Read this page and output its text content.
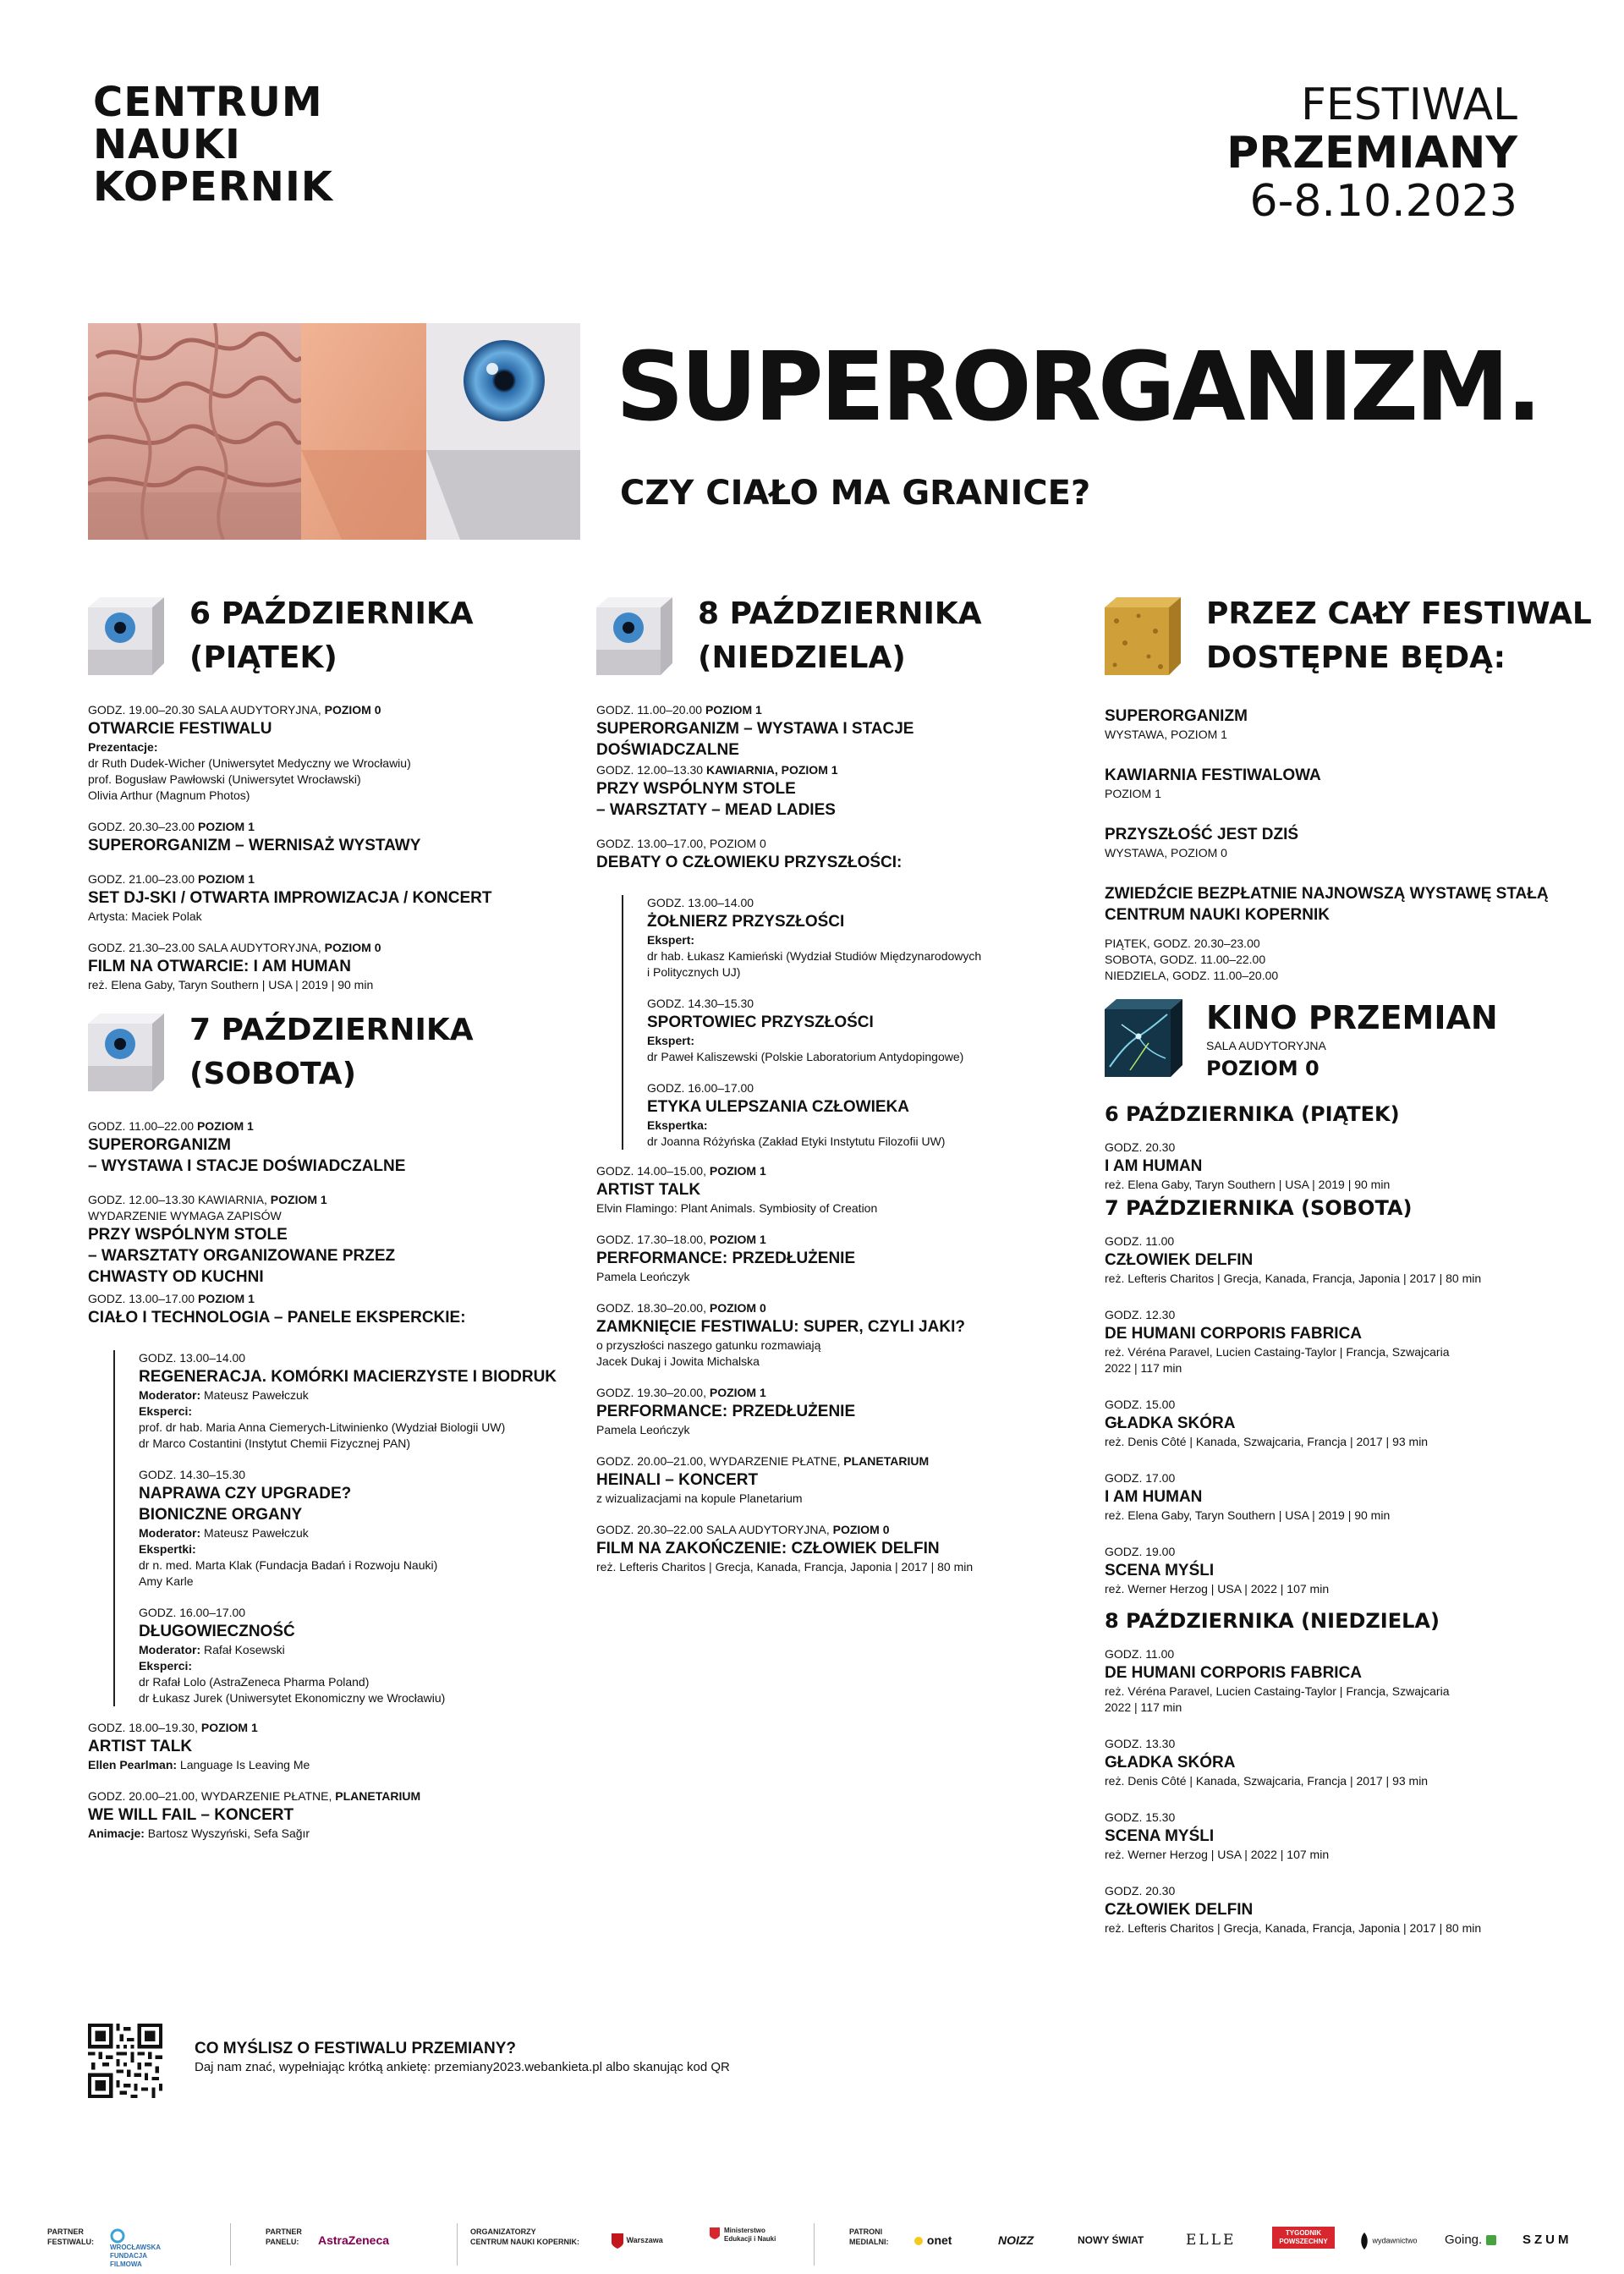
CENTRUM
NAUKI
KOPERNIK
FESTIWAL
PRZEMIANY
6-8.10.2023
SUPERORGANIZM.
CZY CIAŁO MA GRANICE?
6 PAŹDZIERNIKA
(PIĄTEK)
GODZ. 19.00–20.30 SALA AUDYTORYJNA, POZIOM 0
OTWARCIE FESTIWALU
Prezentacje:
dr Ruth Dudek-Wicher (Uniwersytet Medyczny we Wrocławiu)
prof. Bogusław Pawłowski (Uniwersytet Wrocławski)
Olivia Arthur (Magnum Photos)
GODZ. 20.30–23.00 POZIOM 1
SUPERORGANIZM – WERNISAŻ WYSTAWY
GODZ. 21.00–23.00 POZIOM 1
SET DJ-SKI / OTWARTA IMPROWIZACJA / KONCERT
Artysta: Maciek Polak
GODZ. 21.30–23.00 SALA AUDYTORYJNA, POZIOM 0
FILM NA OTWARCIE: I AM HUMAN
reż. Elena Gaby, Taryn Southern | USA | 2019 | 90 min
7 PAŹDZIERNIKA
(SOBOTA)
GODZ. 11.00–22.00 POZIOM 1
SUPERORGANIZM
– WYSTAWA I STACJE DOŚWIADCZALNE
GODZ. 12.00–13.30 KAWIARNIA, POZIOM 1
WYDARZENIE WYMAGA ZAPISÓW
PRZY WSPÓLNYM STOLE
– WARSZTATY ORGANIZOWANE PRZEZ
CHWASTY OD KUCHNI
GODZ. 13.00–17.00 POZIOM 1
CIAŁO I TECHNOLOGIA – PANELE EKSPERCKIE:
GODZ. 13.00–14.00
REGENERACJA. KOMÓRKI MACIERZYSTE I BIODRUK
Moderator: Mateusz Pawełczuk
Eksperci:
prof. dr hab. Maria Anna Ciemerych-Litwinienko (Wydział Biologii UW)
dr Marco Costantini (Instytut Chemii Fizycznej PAN)
GODZ. 14.30–15.30
NAPRAWA CZY UPGRADE?
BIONICZNE ORGANY
Moderator: Mateusz Pawełczuk
Ekspertki:
dr n. med. Marta Klak (Fundacja Badań i Rozwoju Nauki)
Amy Karle
GODZ. 16.00–17.00
DŁUGOWIECZNOŚĆ
Moderator: Rafał Kosewski
Eksperci:
dr Rafał Lolo (AstraZeneca Pharma Poland)
dr Łukasz Jurek (Uniwersytet Ekonomiczny we Wrocławiu)
GODZ. 18.00–19.30, POZIOM 1
ARTIST TALK
Ellen Pearlman: Language Is Leaving Me
GODZ. 20.00–21.00, WYDARZENIE PŁATNE, PLANETARIUM
WE WILL FAIL – KONCERT
Animacje: Bartosz Wyszyński, Sefa Sağır
8 PAŹDZIERNIKA
(NIEDZIELA)
GODZ. 11.00–20.00 POZIOM 1
SUPERORGANIZM – WYSTAWA I STACJE
DOŚWIADCZALNE
GODZ. 12.00–13.30 KAWIARNIA, POZIOM 1
PRZY WSPÓLNYM STOLE
– WARSZTATY – MEAD LADIES
GODZ. 13.00–17.00, POZIOM 0
DEBATY O CZŁOWIEKU PRZYSZŁOŚCI:
GODZ. 13.00–14.00
ŻOŁNIERZ PRZYSZŁOŚCI
Ekspert:
dr hab. Łukasz Kamieński (Wydział Studiów Międzynarodowych
i Politycznych UJ)
GODZ. 14.30–15.30
SPORTOWIEC PRZYSZŁOŚCI
Ekspert:
dr Paweł Kaliszewski (Polskie Laboratorium Antydopingowe)
GODZ. 16.00–17.00
ETYKA ULEPSZANIA CZŁOWIEKA
Ekspertka:
dr Joanna Różyńska (Zakład Etyki Instytutu Filozofii UW)
GODZ. 14.00–15.00, POZIOM 1
ARTIST TALK
Elvin Flamingo: Plant Animals. Symbiosity of Creation
GODZ. 17.30–18.00, POZIOM 1
PERFORMANCE: PRZEDŁUŻENIE
Pamela Leończyk
GODZ. 18.30–20.00, POZIOM 0
ZAMKNIĘCIE FESTIWALU: SUPER, CZYLI JAKI?
o przyszłości naszego gatunku rozmawiają
Jacek Dukaj i Jowita Michalska
GODZ. 19.30–20.00, POZIOM 1
PERFORMANCE: PRZEDŁUŻENIE
Pamela Leończyk
GODZ. 20.00–21.00, WYDARZENIE PŁATNE, PLANETARIUM
HEINALI – KONCERT
z wizualizacjami na kopule Planetarium
GODZ. 20.30–22.00 SALA AUDYTORYJNA, POZIOM 0
FILM NA ZAKOŃCZENIE: CZŁOWIEK DELFIN
reż. Lefteris Charitos | Grecja, Kanada, Francja, Japonia | 2017 | 80 min
PRZEZ CAŁY FESTIWAL
DOSTĘPNE BĘDĄ:
SUPERORGANIZM
WYSTAWA, POZIOM 1
KAWIARNIA FESTIWALOWA
POZIOM 1
PRZYSZŁOŚĆ JEST DZIŚ
WYSTAWA, POZIOM 0
ZWIEDŹCIE BEZPŁATNIE NAJNOWSZĄ WYSTAWĘ STAŁĄ
CENTRUM NAUKI KOPERNIK
PIĄTEK, GODZ. 20.30–23.00
SOBOTA, GODZ. 11.00–22.00
NIEDZIELA, GODZ. 11.00–20.00
KINO PRZEMIAN
SALA AUDYTORYJNA
POZIOM 0
6 PAŹDZIERNIKA (PIĄTEK)
GODZ. 20.30
I AM HUMAN
reż. Elena Gaby, Taryn Southern | USA | 2019 | 90 min
7 PAŹDZIERNIKA (SOBOTA)
GODZ. 11.00
CZŁOWIEK DELFIN
reż. Lefteris Charitos | Grecja, Kanada, Francja, Japonia | 2017 | 80 min
GODZ. 12.30
DE HUMANI CORPORIS FABRICA
reż. Véréna Paravel, Lucien Castaing-Taylor | Francja, Szwajcaria
2022 | 117 min
GODZ. 15.00
GŁADKA SKÓRA
reż. Denis Côté | Kanada, Szwajcaria, Francja | 2017 | 93 min
GODZ. 17.00
I AM HUMAN
reż. Elena Gaby, Taryn Southern | USA | 2019 | 90 min
GODZ. 19.00
SCENA MYŚLI
reż. Werner Herzog | USA | 2022 | 107 min
8 PAŹDZIERNIKA (NIEDZIELA)
GODZ. 11.00
DE HUMANI CORPORIS FABRICA
reż. Véréna Paravel, Lucien Castaing-Taylor | Francja, Szwajcaria
2022 | 117 min
GODZ. 13.30
GŁADKA SKÓRA
reż. Denis Côté | Kanada, Szwajcaria, Francja | 2017 | 93 min
GODZ. 15.30
SCENA MYŚLI
reż. Werner Herzog | USA | 2022 | 107 min
GODZ. 20.30
CZŁOWIEK DELFIN
reż. Lefteris Charitos | Grecja, Kanada, Francja, Japonia | 2017 | 80 min
CO MYŚLISZ O FESTIWALU PRZEMIANY?
Daj nam znać, wypełniając krótką ankietę: przemiany2023.webankieta.pl albo skanując kod QR
PARTNER
FESTIWALU:
WROCŁAWSKA FUNDACJA FILMOWA
PARTNER
PANELU: AstraZeneca
ORGANIZATORZY
CENTRUM NAUKI KOPERNIK:	Warszawa
Ministerstwo Edukacji i Nauki
PATRONI
MEDIALNI:	onet	NOIZZ	NOWY ŚWIAT	ELLE	TYGODNIK POWSZECHNY	wydawnictwo Going.	SZUM
